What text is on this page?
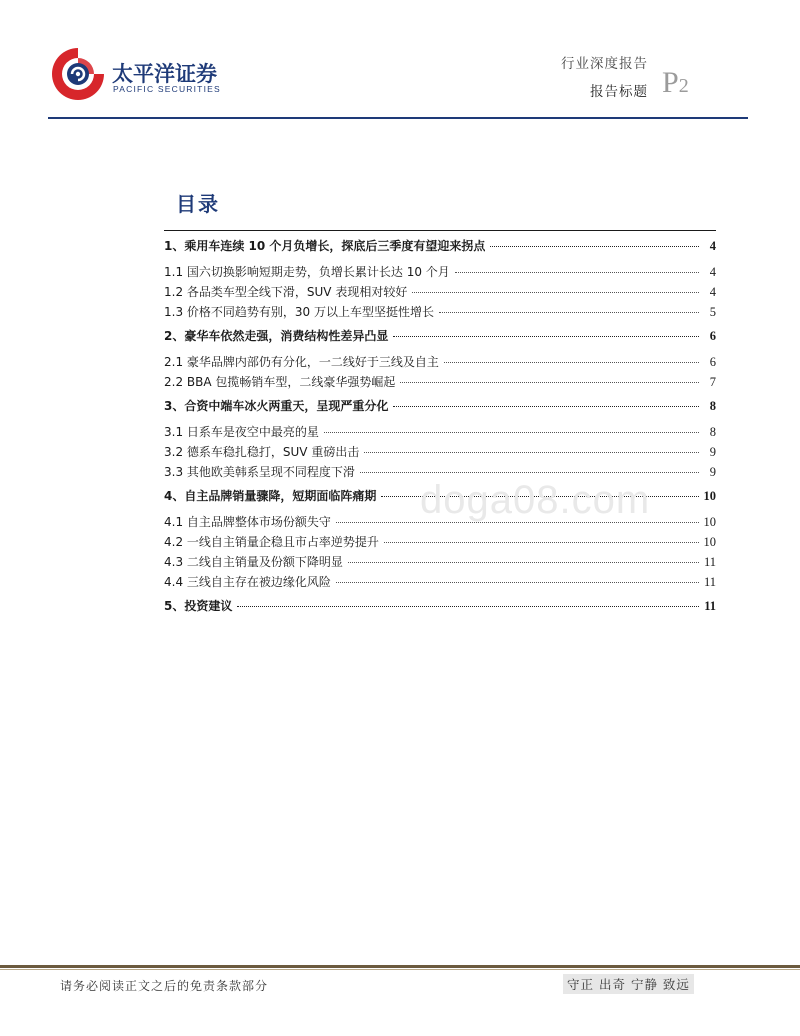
太平洋证券
PACIFIC SECURITIES
行业深度报告
报告标题 P2
目录
1、乘用车连续 10 个月负增长，探底后三季度有望迎来拐点	4
1.1 国六切换影响短期走势，负增长累计长达 10 个月	4
1.2 各品类车型全线下滑，SUV 表现相对较好	4
1.3 价格不同趋势有别，30 万以上车型坚挺性增长	5
2、豪华车依然走强，消费结构性差异凸显	6
2.1 豪华品牌内部仍有分化，一二线好于三线及自主	6
2.2 BBA 包揽畅销车型，二线豪华强势崛起	7
3、合资中端车冰火两重天，呈现严重分化	8
3.1 日系车是夜空中最亮的星	8
3.2 德系车稳扎稳打，SUV 重磅出击	9
3.3 其他欧美韩系呈现不同程度下滑	9
4、自主品牌销量骤降，短期面临阵痛期	10
4.1 自主品牌整体市场份额失守	10
4.2 一线自主销量企稳且市占率逆势提升	10
4.3 二线自主销量及份额下降明显	11
4.4 三线自主存在被边缘化风险	11
5、投资建议	11
doga08.com
请务必阅读正文之后的免责条款部分	守正 出奇 宁静 致远
